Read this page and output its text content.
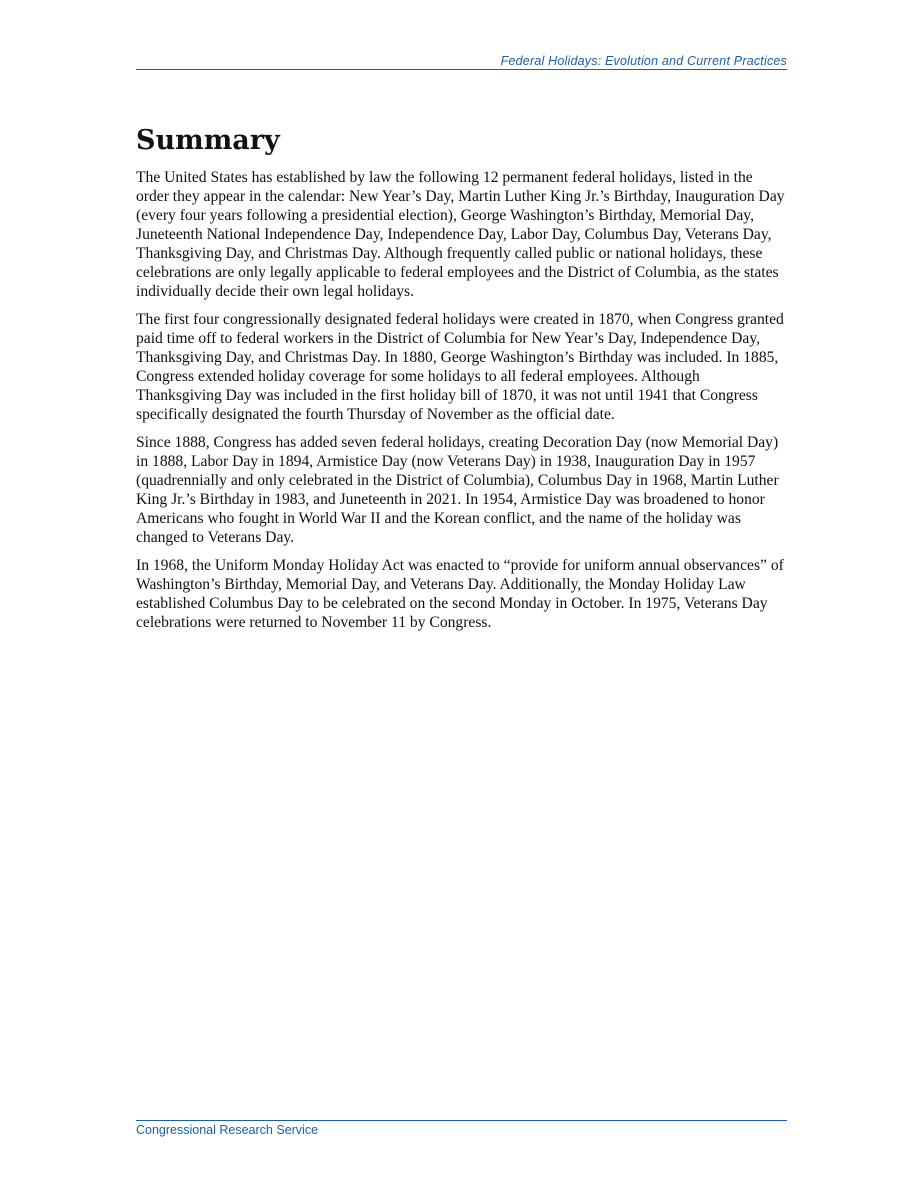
Federal Holidays: Evolution and Current Practices
Summary

The United States has established by law the following 12 permanent federal holidays, listed in the order they appear in the calendar: New Year’s Day, Martin Luther King Jr.’s Birthday, Inauguration Day (every four years following a presidential election), George Washington’s Birthday, Memorial Day, Juneteenth National Independence Day, Independence Day, Labor Day, Columbus Day, Veterans Day, Thanksgiving Day, and Christmas Day. Although frequently called public or national holidays, these celebrations are only legally applicable to federal employees and the District of Columbia, as the states individually decide their own legal holidays.

The first four congressionally designated federal holidays were created in 1870, when Congress granted paid time off to federal workers in the District of Columbia for New Year’s Day, Independence Day, Thanksgiving Day, and Christmas Day. In 1880, George Washington’s Birthday was included. In 1885, Congress extended holiday coverage for some holidays to all federal employees. Although Thanksgiving Day was included in the first holiday bill of 1870, it was not until 1941 that Congress specifically designated the fourth Thursday of November as the official date.

Since 1888, Congress has added seven federal holidays, creating Decoration Day (now Memorial Day) in 1888, Labor Day in 1894, Armistice Day (now Veterans Day) in 1938, Inauguration Day in 1957 (quadrennially and only celebrated in the District of Columbia), Columbus Day in 1968, Martin Luther King Jr.’s Birthday in 1983, and Juneteenth in 2021. In 1954, Armistice Day was broadened to honor Americans who fought in World War II and the Korean conflict, and the name of the holiday was changed to Veterans Day.

In 1968, the Uniform Monday Holiday Act was enacted to “provide for uniform annual observances” of Washington’s Birthday, Memorial Day, and Veterans Day. Additionally, the Monday Holiday Law established Columbus Day to be celebrated on the second Monday in October. In 1975, Veterans Day celebrations were returned to November 11 by Congress.

Congressional Research Service
